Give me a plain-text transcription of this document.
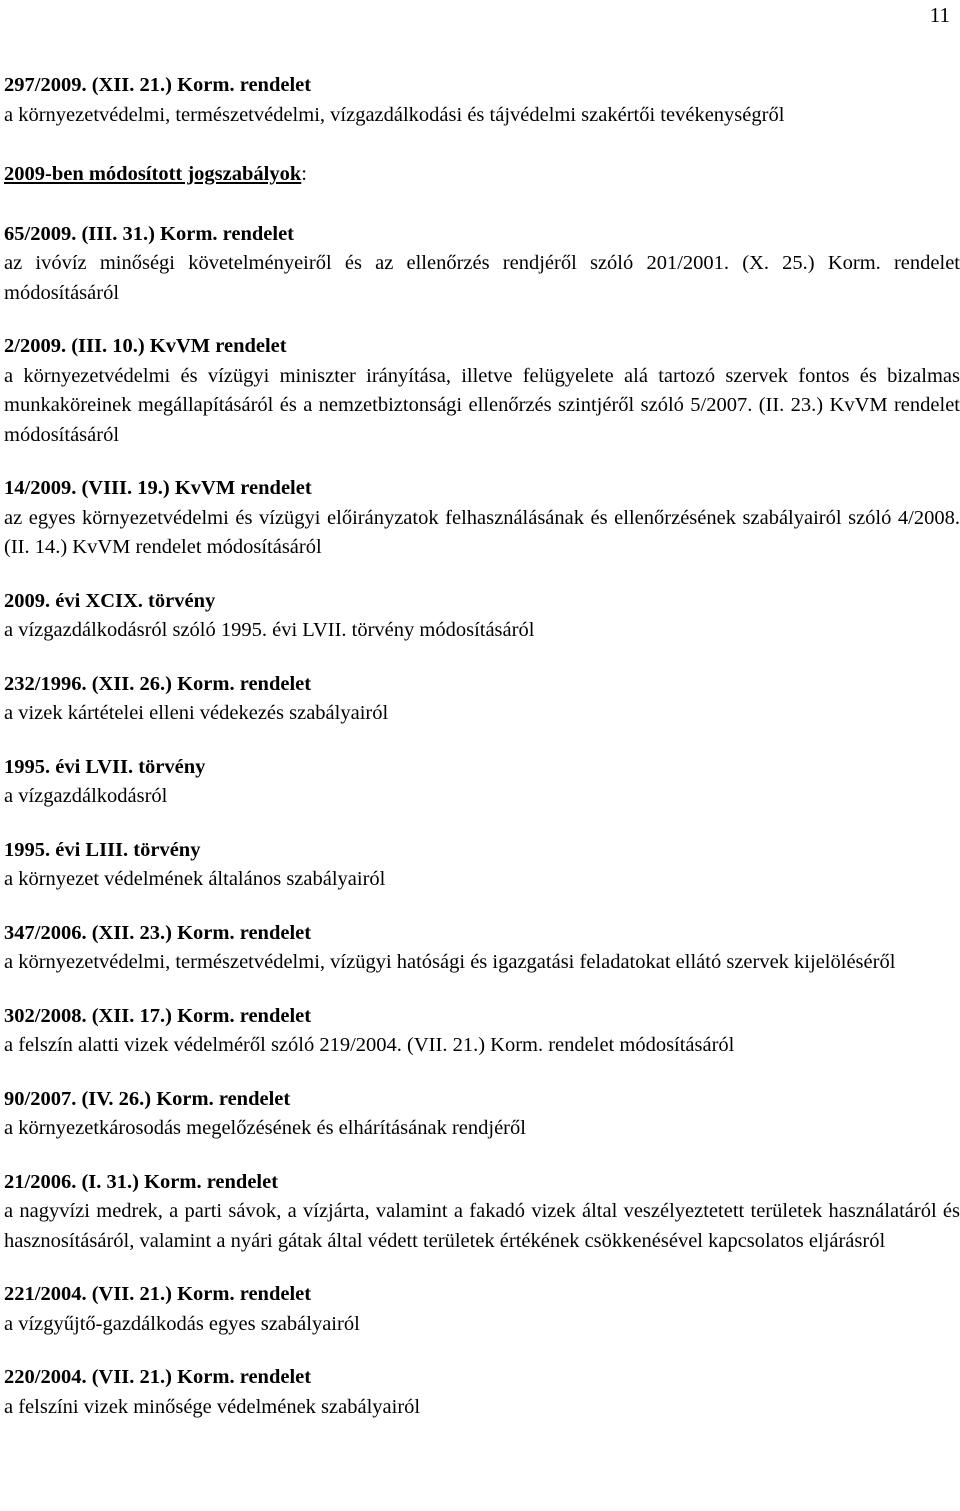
11
297/2009. (XII. 21.) Korm. rendelet
a környezetvédelmi, természetvédelmi, vízgazdálkodási és tájvédelmi szakértői tevékenységről
2009-ben módosított jogszabályok:
65/2009. (III. 31.) Korm. rendelet
az ivóvíz minőségi követelményeiről és az ellenőrzés rendjéről szóló 201/2001. (X. 25.) Korm. rendelet módosításáról
2/2009. (III. 10.) KvVM rendelet
a környezetvédelmi és vízügyi miniszter irányítása, illetve felügyelete alá tartozó szervek fontos és bizalmas munkaköreinek megállapításáról és a nemzetbiztonsági ellenőrzés szintjéről szóló 5/2007. (II. 23.) KvVM rendelet módosításáról
14/2009. (VIII. 19.) KvVM rendelet
az egyes környezetvédelmi és vízügyi előirányzatok felhasználásának és ellenőrzésének szabályairól szóló 4/2008. (II. 14.) KvVM rendelet módosításáról
2009. évi XCIX. törvény
a vízgazdálkodásról szóló 1995. évi LVII. törvény módosításáról
232/1996. (XII. 26.) Korm. rendelet
a vizek kártételei elleni védekezés szabályairól
1995. évi LVII. törvény
a vízgazdálkodásról
1995. évi LIII. törvény
a környezet védelmének általános szabályairól
347/2006. (XII. 23.) Korm. rendelet
a környezetvédelmi, természetvédelmi, vízügyi hatósági és igazgatási feladatokat ellátó szervek kijelöléséről
302/2008. (XII. 17.) Korm. rendelet
a felszín alatti vizek védelméről szóló 219/2004. (VII. 21.) Korm. rendelet módosításáról
90/2007. (IV. 26.) Korm. rendelet
a környezetkárosodás megelőzésének és elhárításának rendjéről
21/2006. (I. 31.) Korm. rendelet
a nagyvízi medrek, a parti sávok, a vízjárta, valamint a fakadó vizek által veszélyeztetett területek használatáról és hasznosításáról, valamint a nyári gátak által védett területek értékének csökkenésével kapcsolatos eljárásról
221/2004. (VII. 21.) Korm. rendelet
a vízgyűjtő-gazdálkodás egyes szabályairól
220/2004. (VII. 21.) Korm. rendelet
a felszíni vizek minősége védelmének szabályairól
